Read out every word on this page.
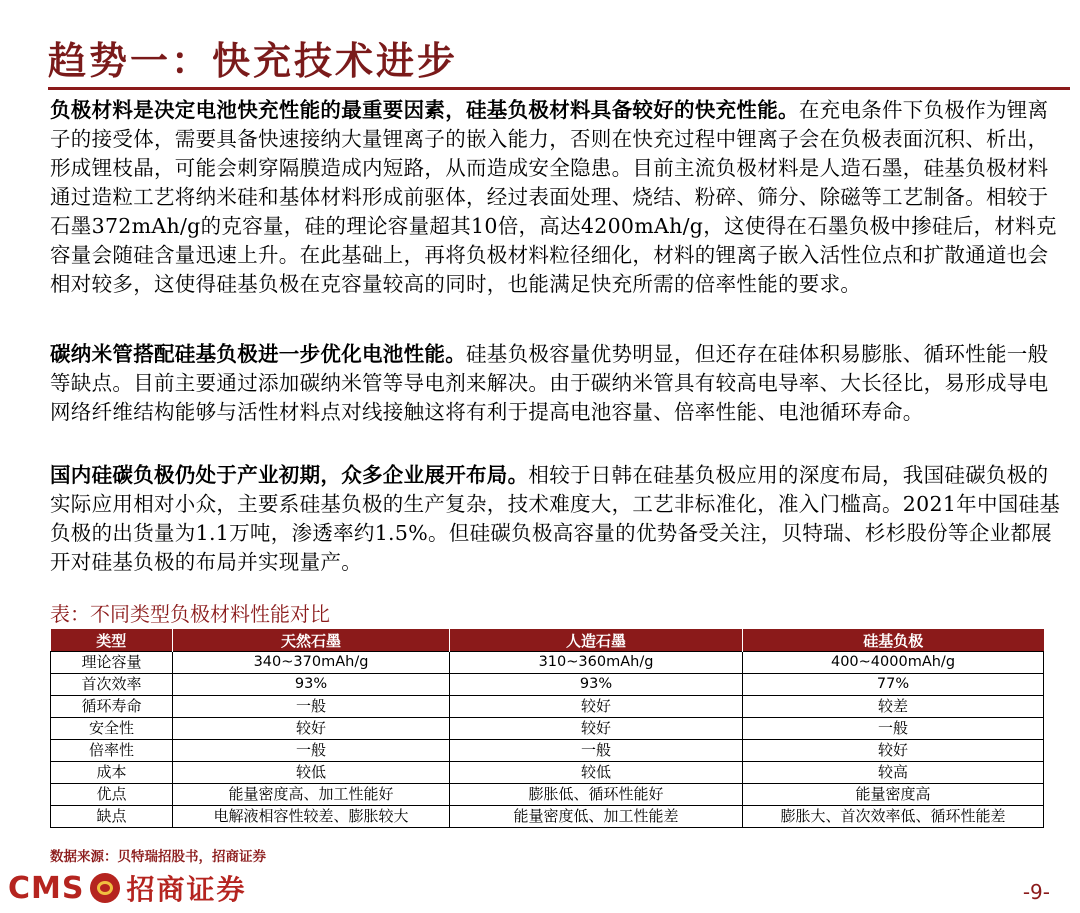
趋势一：快充技术进步
负极材料是决定电池快充性能的最重要因素，硅基负极材料具备较好的快充性能。在充电条件下负极作为锂离子的接受体，需要具备快速接纳大量锂离子的嵌入能力，否则在快充过程中锂离子会在负极表面沉积、析出，形成锂枝晶，可能会刺穿隔膜造成内短路，从而造成安全隐患。目前主流负极材料是人造石墨，硅基负极材料通过造粒工艺将纳米硅和基体材料形成前驱体，经过表面处理、烧结、粉碎、筛分、除磁等工艺制备。相较于石墨372mAh/g的克容量，硅的理论容量超其10倍，高达4200mAh/g，这使得在石墨负极中掺硅后，材料克容量会随硅含量迅速上升。在此基础上，再将负极材料粒径细化，材料的锂离子嵌入活性位点和扩散通道也会相对较多，这使得硅基负极在克容量较高的同时，也能满足快充所需的倍率性能的要求。
碳纳米管搭配硅基负极进一步优化电池性能。硅基负极容量优势明显，但还存在硅体积易膨胀、循环性能一般等缺点。目前主要通过添加碳纳米管等导电剂来解决。由于碳纳米管具有较高电导率、大长径比，易形成导电网络纤维结构能够与活性材料点对线接触这将有利于提高电池容量、倍率性能、电池循环寿命。
国内硅碳负极仍处于产业初期，众多企业展开布局。相较于日韩在硅基负极应用的深度布局，我国硅碳负极的实际应用相对小众，主要系硅基负极的生产复杂，技术难度大，工艺非标准化，准入门槛高。2021年中国硅基负极的出货量为1.1万吨，渗透率约1.5%。但硅碳负极高容量的优势备受关注，贝特瑞、杉杉股份等企业都展开对硅基负极的布局并实现量产。
表：不同类型负极材料性能对比
类型	天然石墨	人造石墨	硅基负极
理论容量	340~370mAh/g	310~360mAh/g	400~4000mAh/g
首次效率	93%	93%	77%
循环寿命	一般	较好	较差
安全性	较好	较好	一般
倍率性	一般	一般	较好
成本	较低	较低	较高
优点	能量密度高、加工性能好	膨胀低、循环性能好	能量密度高
缺点	电解液相容性较差、膨胀较大	能量密度低、加工性能差	膨胀大、首次效率低、循环性能差
数据来源：贝特瑞招股书，招商证券
CMS 招商证券	-9-
